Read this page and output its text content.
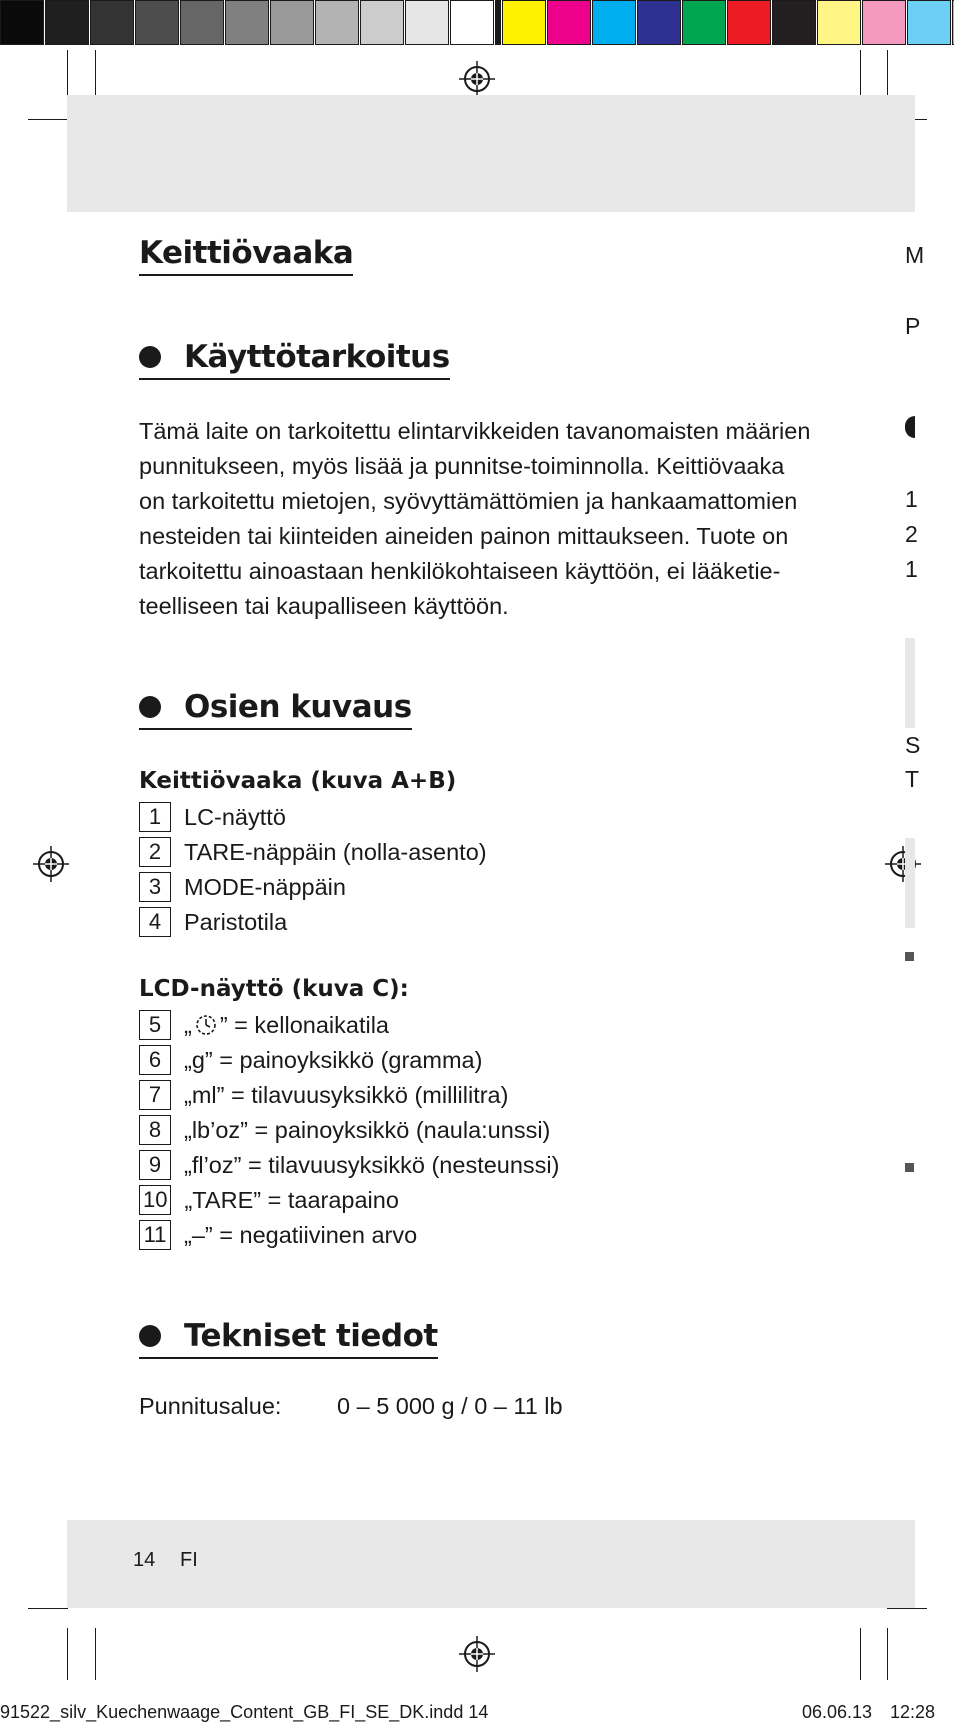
Keittiövaaka
Käyttötarkoitus
Tämä laite on tarkoitettu elintarvikkeiden tavanomaisten määrien
punnitukseen, myös lisää ja punnitse-toiminnolla. Keittiövaaka
on tarkoitettu mietojen, syövyttämättömien ja hankaamattomien
nesteiden tai kiinteiden aineiden painon mittaukseen. Tuote on
tarkoitettu ainoastaan henkilökohtaiseen käyttöön, ei lääketie-
teelliseen tai kaupalliseen käyttöön.
Osien kuvaus
Keittiövaaka (kuva A+B)
1 LC-näyttö
2 TARE-näppäin (nolla-asento)
3 MODE-näppäin
4 Paristotila
LCD-näyttö (kuva C):
5 „ ” = kellonaikatila
6 „g” = painoyksikkö (gramma)
7 „ml” = tilavuusyksikkö (millilitra)
8 „lb’oz” = painoyksikkö (naula:unssi)
9 „fl’oz” = tilavuusyksikkö (nesteunssi)
10 „TARE” = taarapaino
11 „–” = negatiivinen arvo
Tekniset tiedot
Punnitusalue: 0 – 5 000 g / 0 – 11 lb
14 FI
91522_silv_Kuechenwaage_Content_GB_FI_SE_DK.indd 14	06.06.13 12:28
M
P
1
2
1
S
T
